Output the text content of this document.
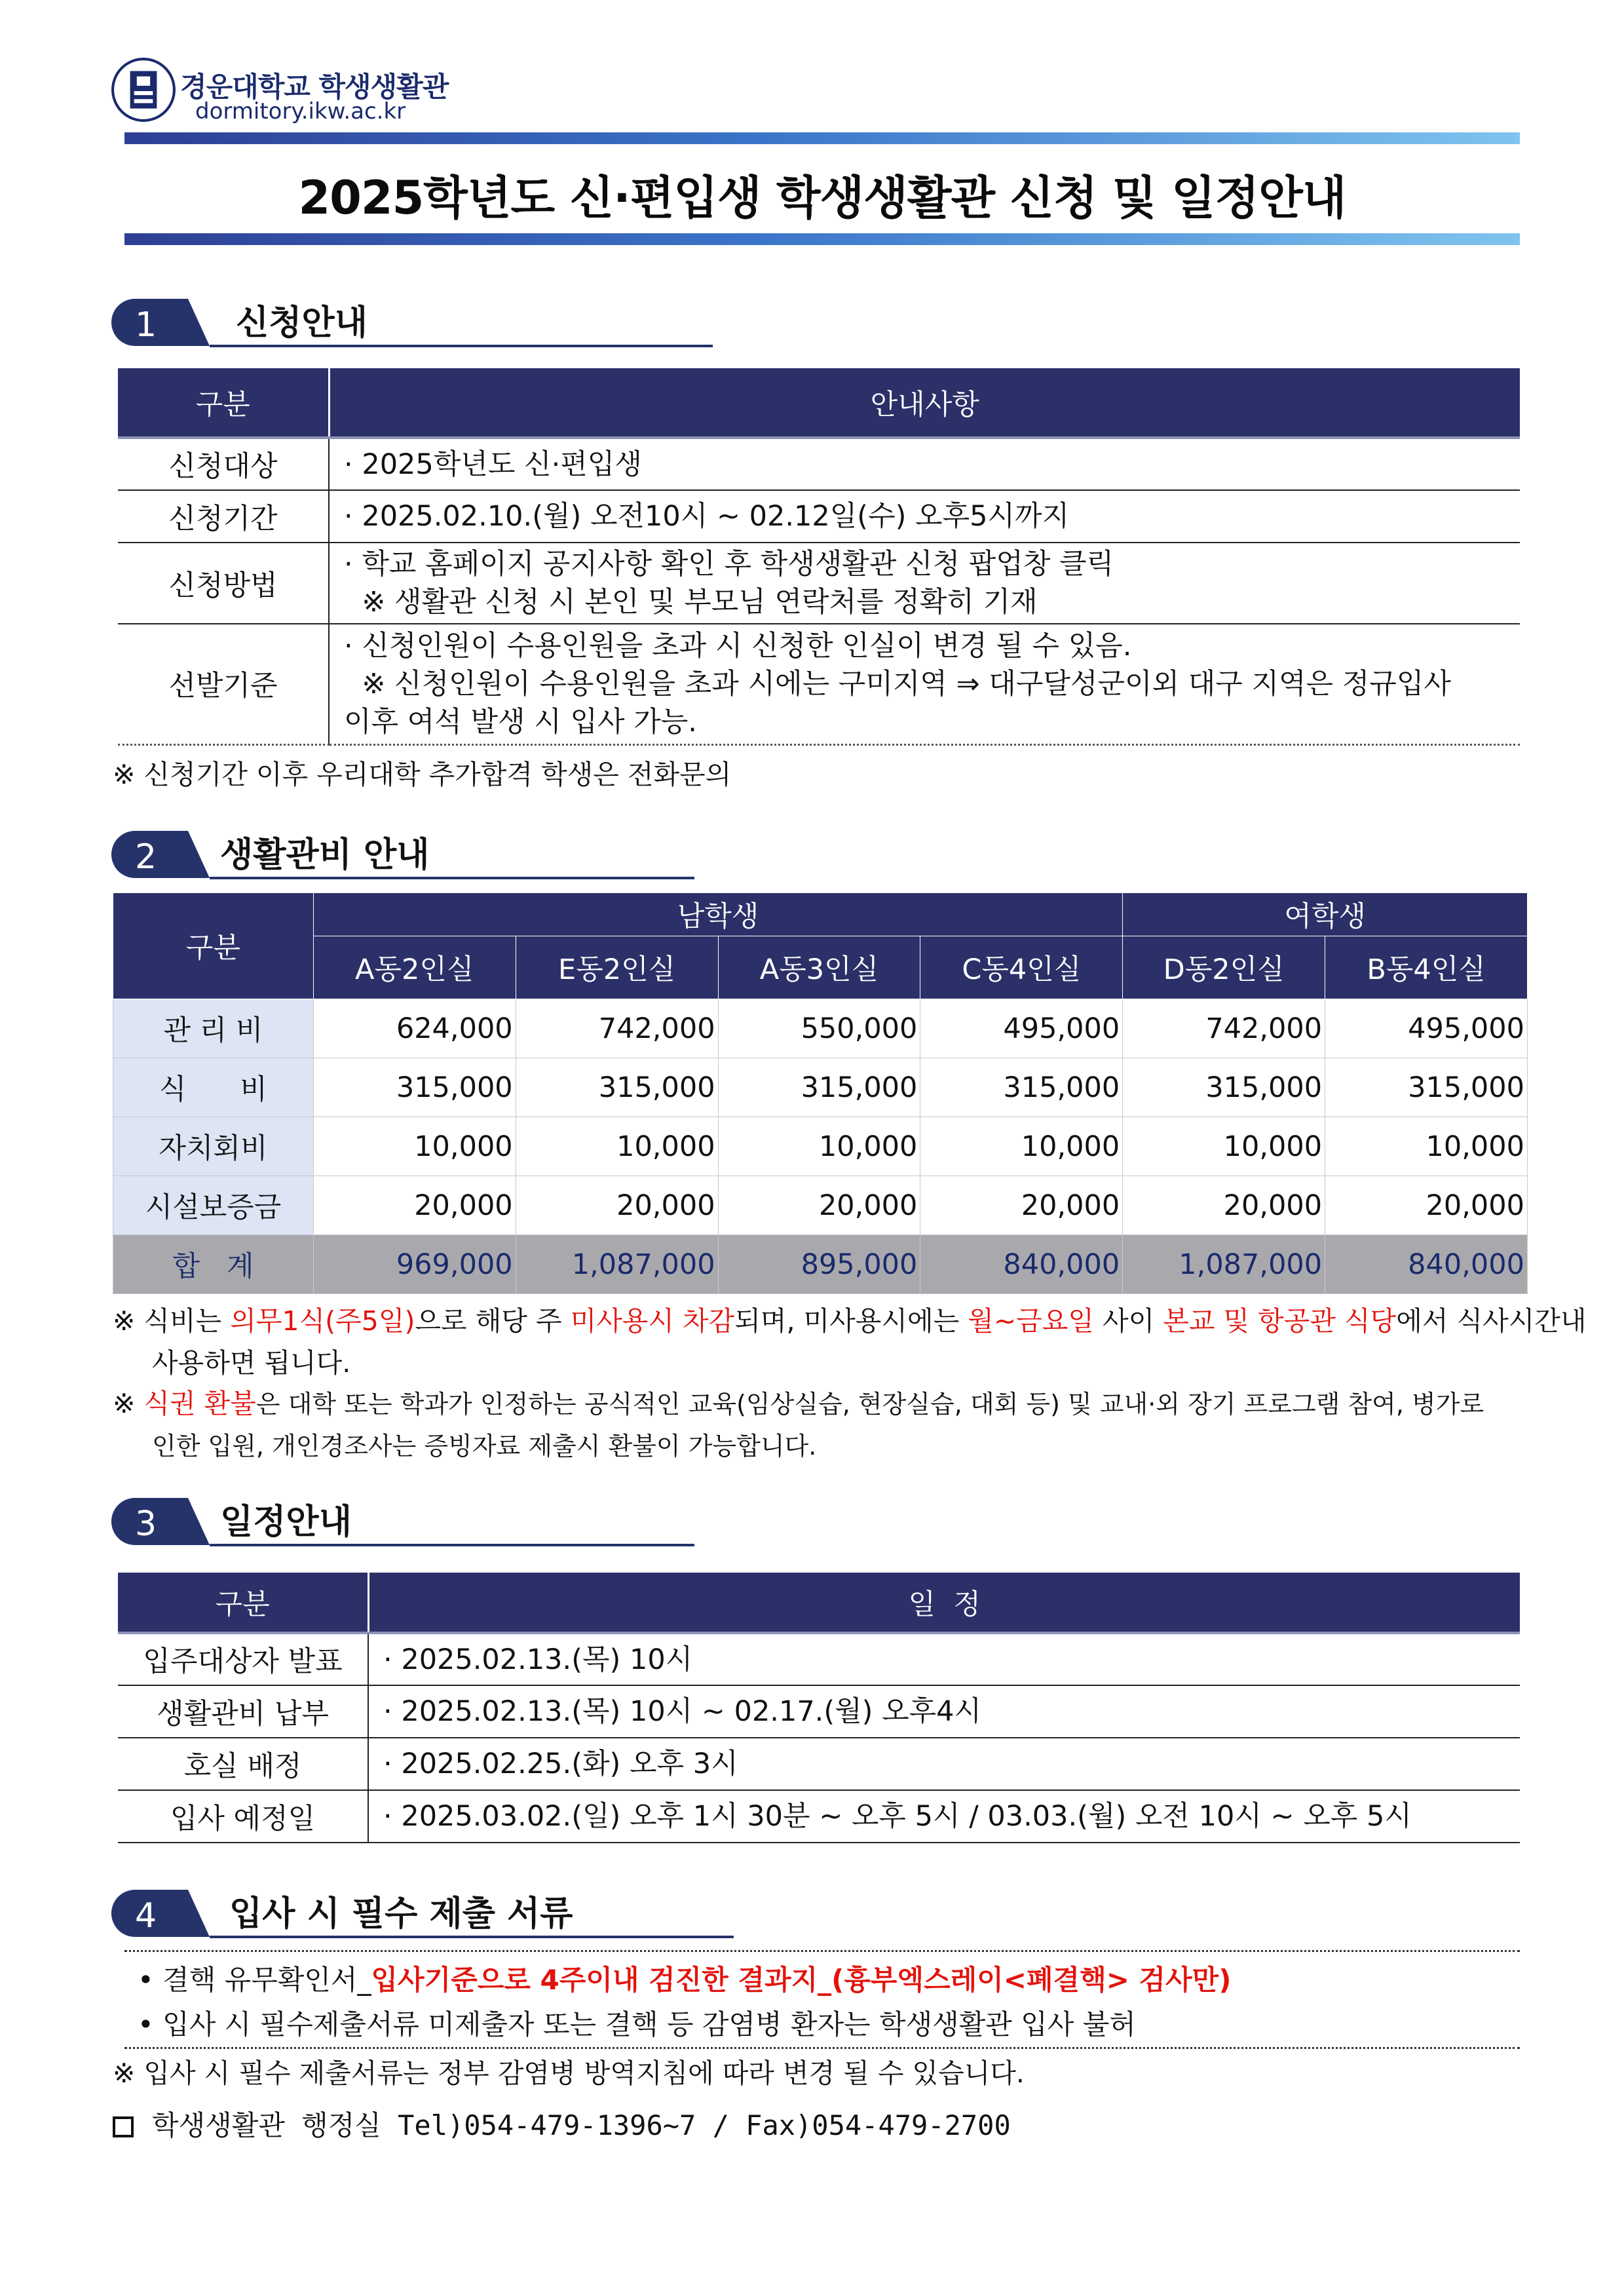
경운대학교 학생생활관
dormitory.ikw.ac.kr
2025학년도 신·편입생 학생생활관 신청 및 일정안내
1 신청안내
구분	안내사항
신청대상	· 2025학년도 신·편입생
신청기간	· 2025.02.10.(월) 오전10시 ~ 02.12일(수) 오후5시까지
신청방법	· 학교 홈페이지 공지사항 확인 후 학생생활관 신청 팝업창 클릭
※ 생활관 신청 시 본인 및 부모님 연락처를 정확히 기재

선발기준	· 신청인원이 수용인원을 초과 시 신청한 인실이 변경 될 수 있음.
※ 신청인원이 수용인원을 초과 시에는 구미지역 ⇒ 대구달성군이외 대구 지역은 정규입사
이후 여석 발생 시 입사 가능.
※ 신청기간 이후 우리대학 추가합격 학생은 전화문의
2 생활관비 안내
구분	남학생				여학생	
	A동2인실	E동2인실	A동3인실	C동4인실	D동2인실	B동4인실
관 리 비	624,000	742,000	550,000	495,000	742,000	495,000
식      비	315,000	315,000	315,000	315,000	315,000	315,000
자치회비	10,000	10,000	10,000	10,000	10,000	10,000
시설보증금	20,000	20,000	20,000	20,000	20,000	20,000
합   계	969,000	1,087,000	895,000	840,000	1,087,000	840,000
※ 식비는 의무1식(주5일)으로 해당 주 미사용시 차감되며, 미사용시에는 월~금요일 사이 본교 및 항공관 식당에서 식사시간내
사용하면 됩니다.
※ 식권 환불은 대학 또는 학과가 인정하는 공식적인 교육(임상실습, 현장실습, 대회 등) 및 교내·외 장기 프로그램 참여, 병가로
인한 입원, 개인경조사는 증빙자료 제출시 환불이 가능합니다.
3 일정안내
구분	일  정
입주대상자 발표	· 2025.02.13.(목) 10시
생활관비 납부	· 2025.02.13.(목) 10시 ~ 02.17.(월) 오후4시
호실 배정	· 2025.02.25.(화) 오후 3시
입사 예정일	· 2025.03.02.(일) 오후 1시 30분 ~ 오후 5시 / 03.03.(월) 오전 10시 ~ 오후 5시
4 입사 시 필수 제출 서류
• 결핵 유무확인서_입사기준으로 4주이내 검진한 결과지_(흉부엑스레이<폐결핵> 검사만)
• 입사 시 필수제출서류 미제출자 또는 결핵 등 감염병 환자는 학생생활관 입사 불허
※ 입사 시 필수 제출서류는 정부 감염병 방역지침에 따라 변경 될 수 있습니다.
학생생활관 행정실 Tel)054-479-1396~7 / Fax)054-479-2700
